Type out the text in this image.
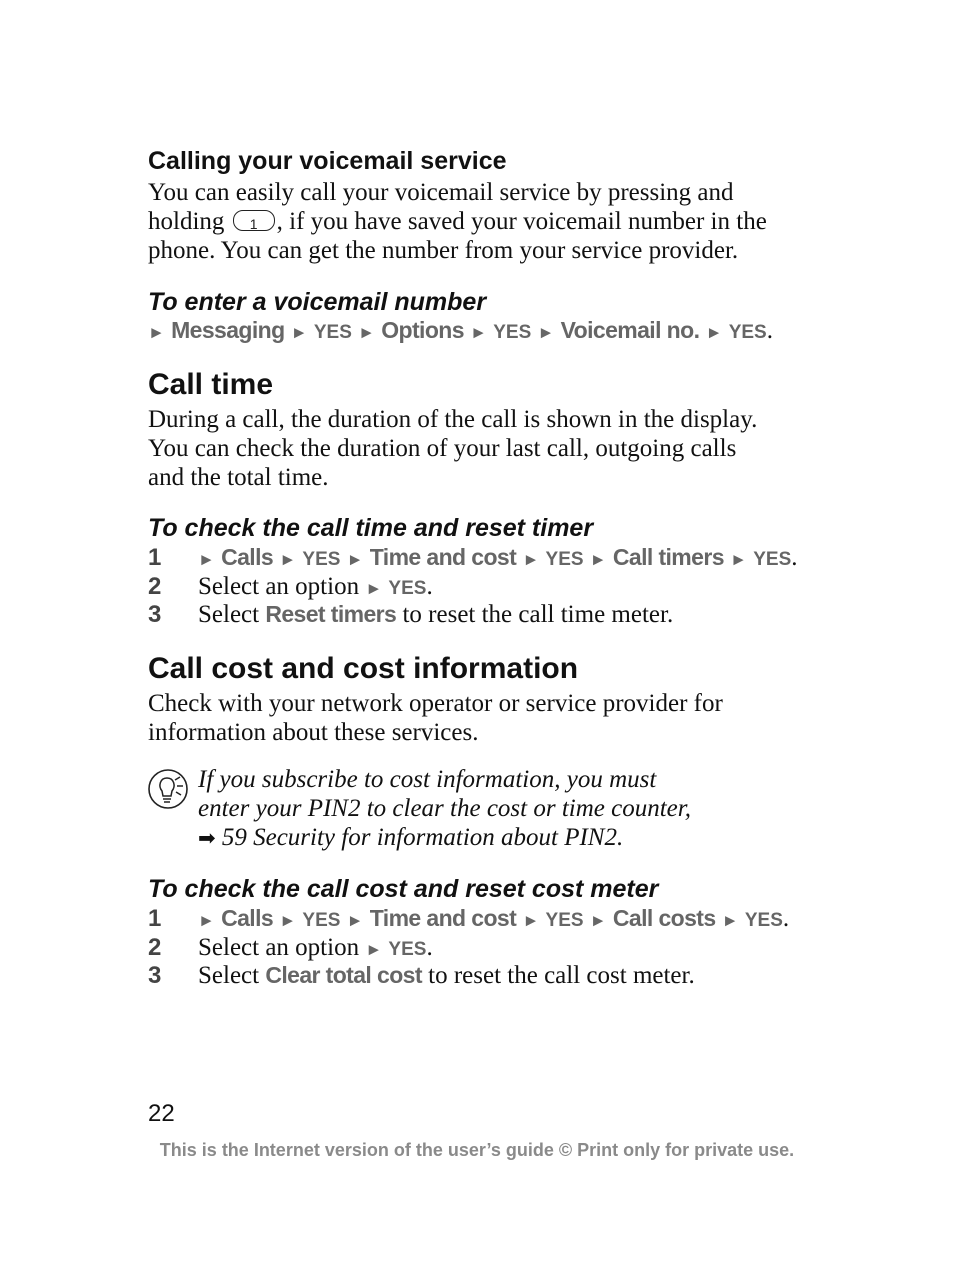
Calling your voicemail service
You can easily call your voicemail service by pressing and
holding	1 , if you have saved your voicemail number in the
phone. You can get the number from your service provider.
To enter a voicemail number
► Messaging ► YES ► Options ► YES ► Voicemail no. ► YES.
Call time
During a call, the duration of the call is shown in the display.
You can check the duration of your last call, outgoing calls
and the total time.
To check the call time and reset timer
1 ► Calls ► YES ► Time and cost ► YES ► Call timers ► YES.
2 Select an option ► YES.
3 Select Reset timers to reset the call time meter.
Call cost and cost information
Check with your network operator or service provider for
information about these services.
If you subscribe to cost information, you must
enter your PIN2 to clear the cost or time counter,
➡ 59 Security for information about PIN2.
To check the call cost and reset cost meter
1 ► Calls ► YES ► Time and cost ► YES ► Call costs ► YES.
2 Select an option ► YES.
3 Select Clear total cost to reset the call cost meter.
22
This is the Internet version of the user’s guide © Print only for private use.
